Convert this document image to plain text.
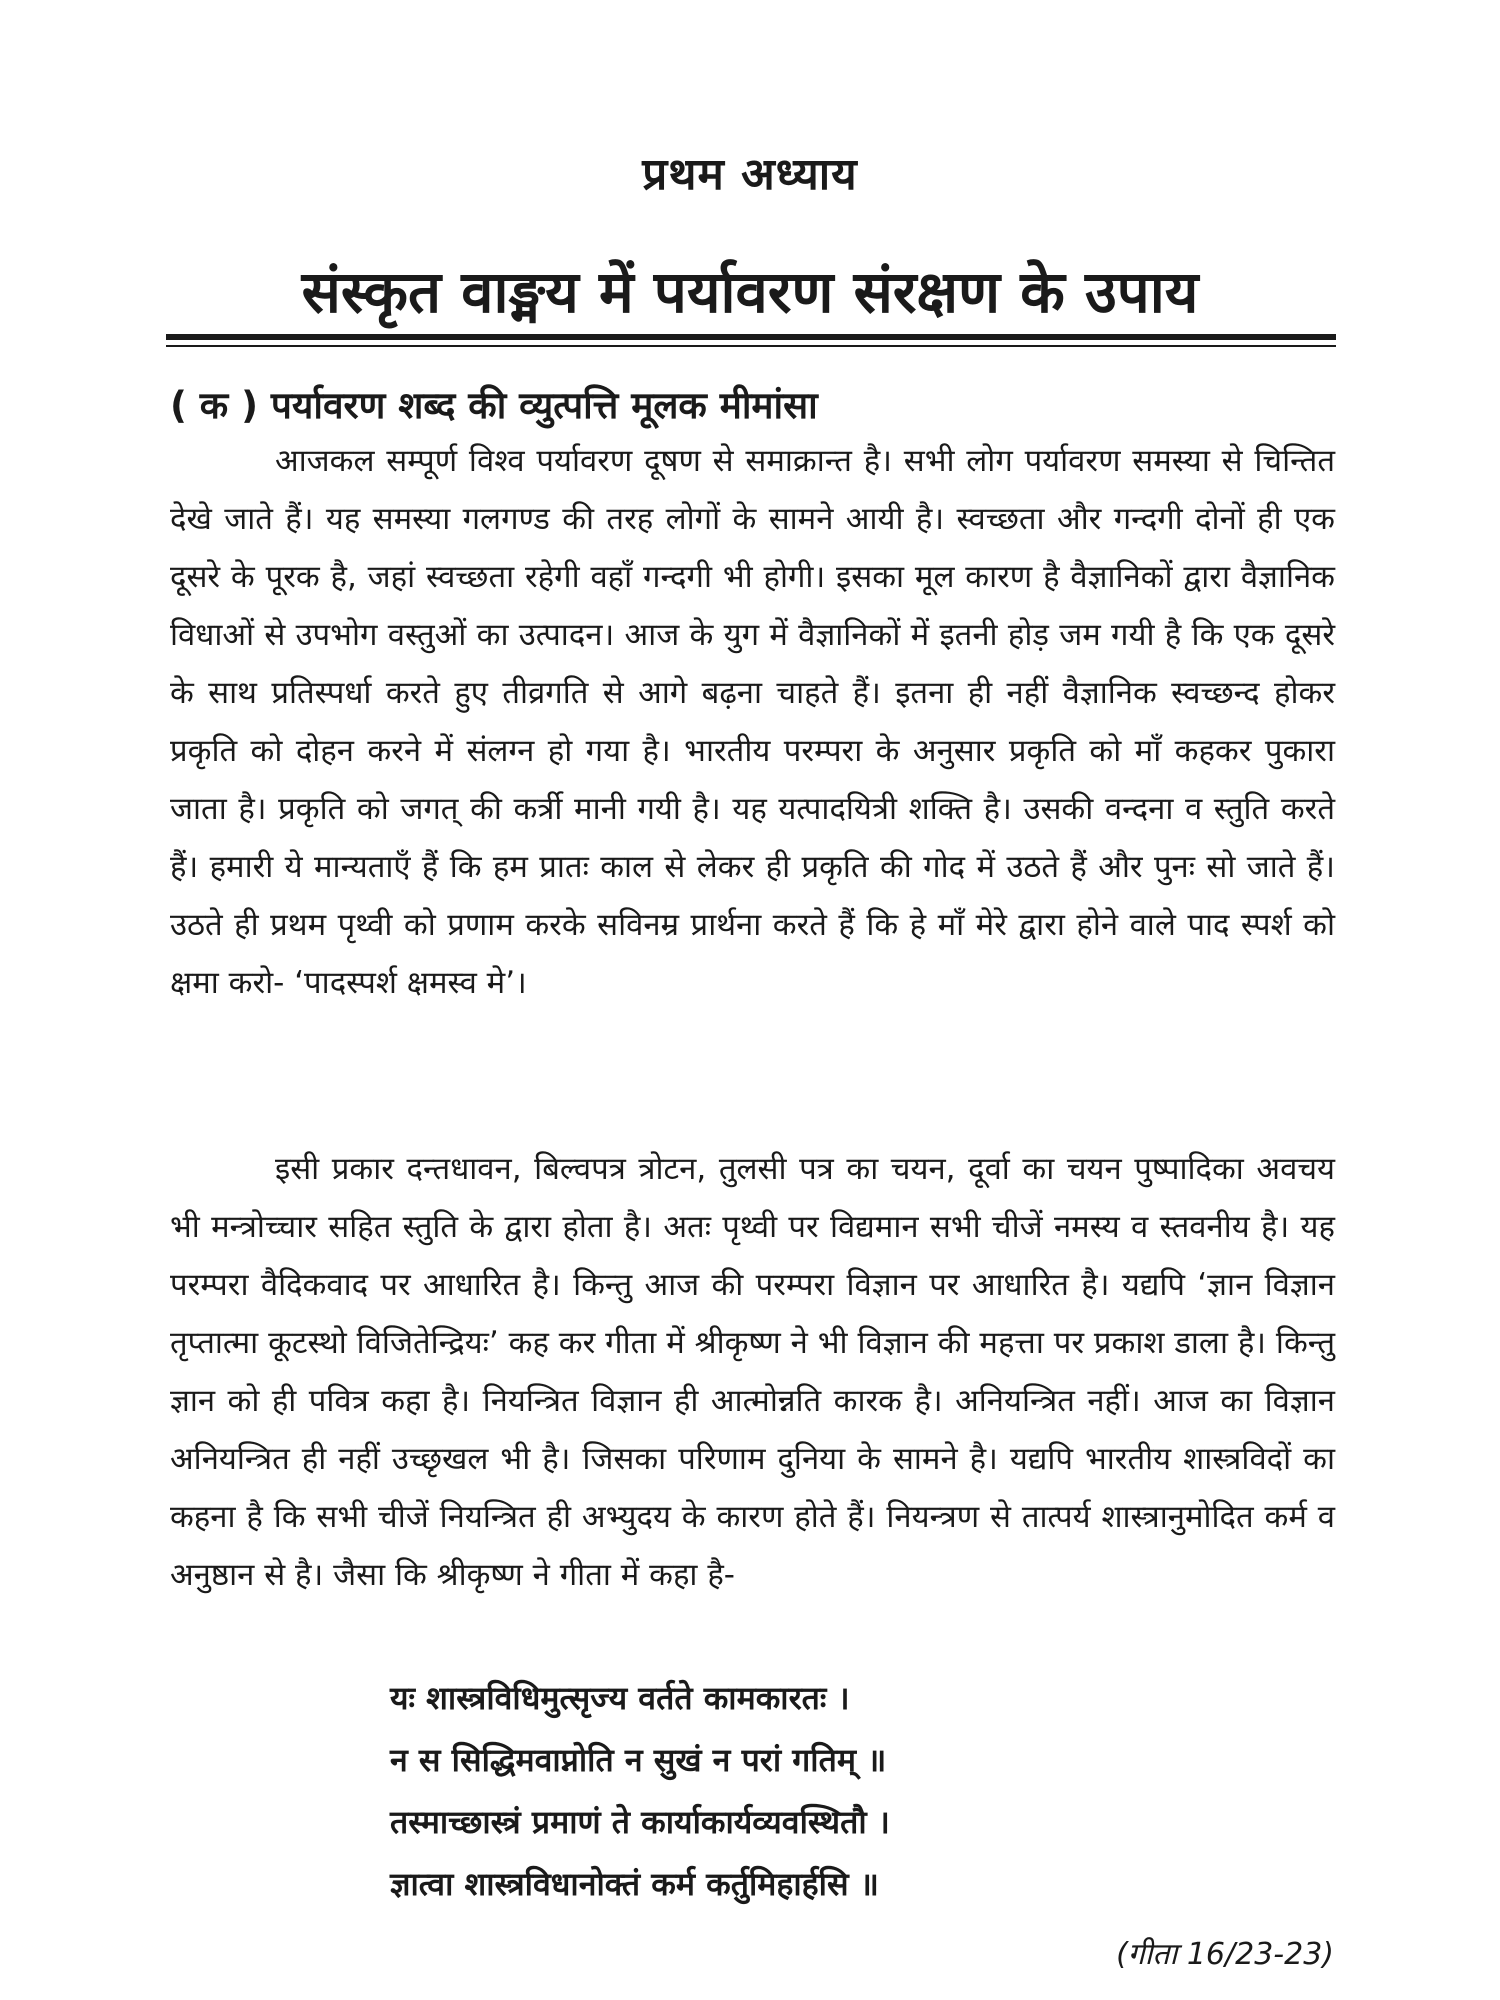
प्रथम अध्याय
संस्कृत वाङ्मय में पर्यावरण संरक्षण के उपाय
( क ) पर्यावरण शब्द की व्युत्पत्ति मूलक मीमांसा

आजकल सम्पूर्ण विश्व पर्यावरण दूषण से समाक्रान्त है। सभी लोग पर्यावरण समस्या से चिन्तित देखे जाते हैं। यह समस्या गलगण्ड की तरह लोगों के सामने आयी है। स्वच्छता और गन्दगी दोनों ही एक दूसरे के पूरक है, जहां स्वच्छता रहेगी वहाँ गन्दगी भी होगी। इसका मूल कारण है वैज्ञानिकों द्वारा वैज्ञानिक विधाओं से उपभोग वस्तुओं का उत्पादन। आज के युग में वैज्ञानिकों में इतनी होड़ जम गयी है कि एक दूसरे के साथ प्रतिस्पर्धा करते हुए तीव्रगति से आगे बढ़ना चाहते हैं। इतना ही नहीं वैज्ञानिक स्वच्छन्द होकर प्रकृति को दोहन करने में संलग्न हो गया है। भारतीय परम्परा के अनुसार प्रकृति को माँ कहकर पुकारा जाता है। प्रकृति को जगत् की कर्त्री मानी गयी है। यह यत्पादयित्री शक्ति है। उसकी वन्दना व स्तुति करते हैं। हमारी ये मान्यताएँ हैं कि हम प्रातः काल से लेकर ही प्रकृति की गोद में उठते हैं और पुनः सो जाते हैं। उठते ही प्रथम पृथ्वी को प्रणाम करके सविनम्र प्रार्थना करते हैं कि हे माँ मेरे द्वारा होने वाले पाद स्पर्श को क्षमा करो- ‘पादस्पर्श क्षमस्व मे’।

इसी प्रकार दन्तधावन, बिल्वपत्र त्रोटन, तुलसी पत्र का चयन, दूर्वा का चयन पुष्पादिका अवचय भी मन्त्रोच्चार सहित स्तुति के द्वारा होता है। अतः पृथ्वी पर विद्यमान सभी चीजें नमस्य व स्तवनीय है। यह परम्परा वैदिकवाद पर आधारित है। किन्तु आज की परम्परा विज्ञान पर आधारित है। यद्यपि ‘ज्ञान विज्ञान तृप्तात्मा कूटस्थो विजितेन्द्रियः’ कह कर गीता में श्रीकृष्ण ने भी विज्ञान की महत्ता पर प्रकाश डाला है। किन्तु ज्ञान को ही पवित्र कहा है। नियन्त्रित विज्ञान ही आत्मोन्नति कारक है। अनियन्त्रित नहीं। आज का विज्ञान अनियन्त्रित ही नहीं उच्छृखल भी है। जिसका परिणाम दुनिया के सामने है। यद्यपि भारतीय शास्त्रविदों का कहना है कि सभी चीजें नियन्त्रित ही अभ्युदय के कारण होते हैं। नियन्त्रण से तात्पर्य शास्त्रानुमोदित कर्म व अनुष्ठान से है। जैसा कि श्रीकृष्ण ने गीता में कहा है-

यः शास्त्रविधिमुत्सृज्य वर्तते कामकारतः ।
न स सिद्धिमवाप्नोति न सुखं न परां गतिम् ॥
तस्माच्छास्त्रं प्रमाणं ते कार्याकार्यव्यवस्थितौ ।
ज्ञात्वा शास्त्रविधानोक्तं कर्म कर्तुमिहार्हसि ॥
(गीता 16/23-23)
